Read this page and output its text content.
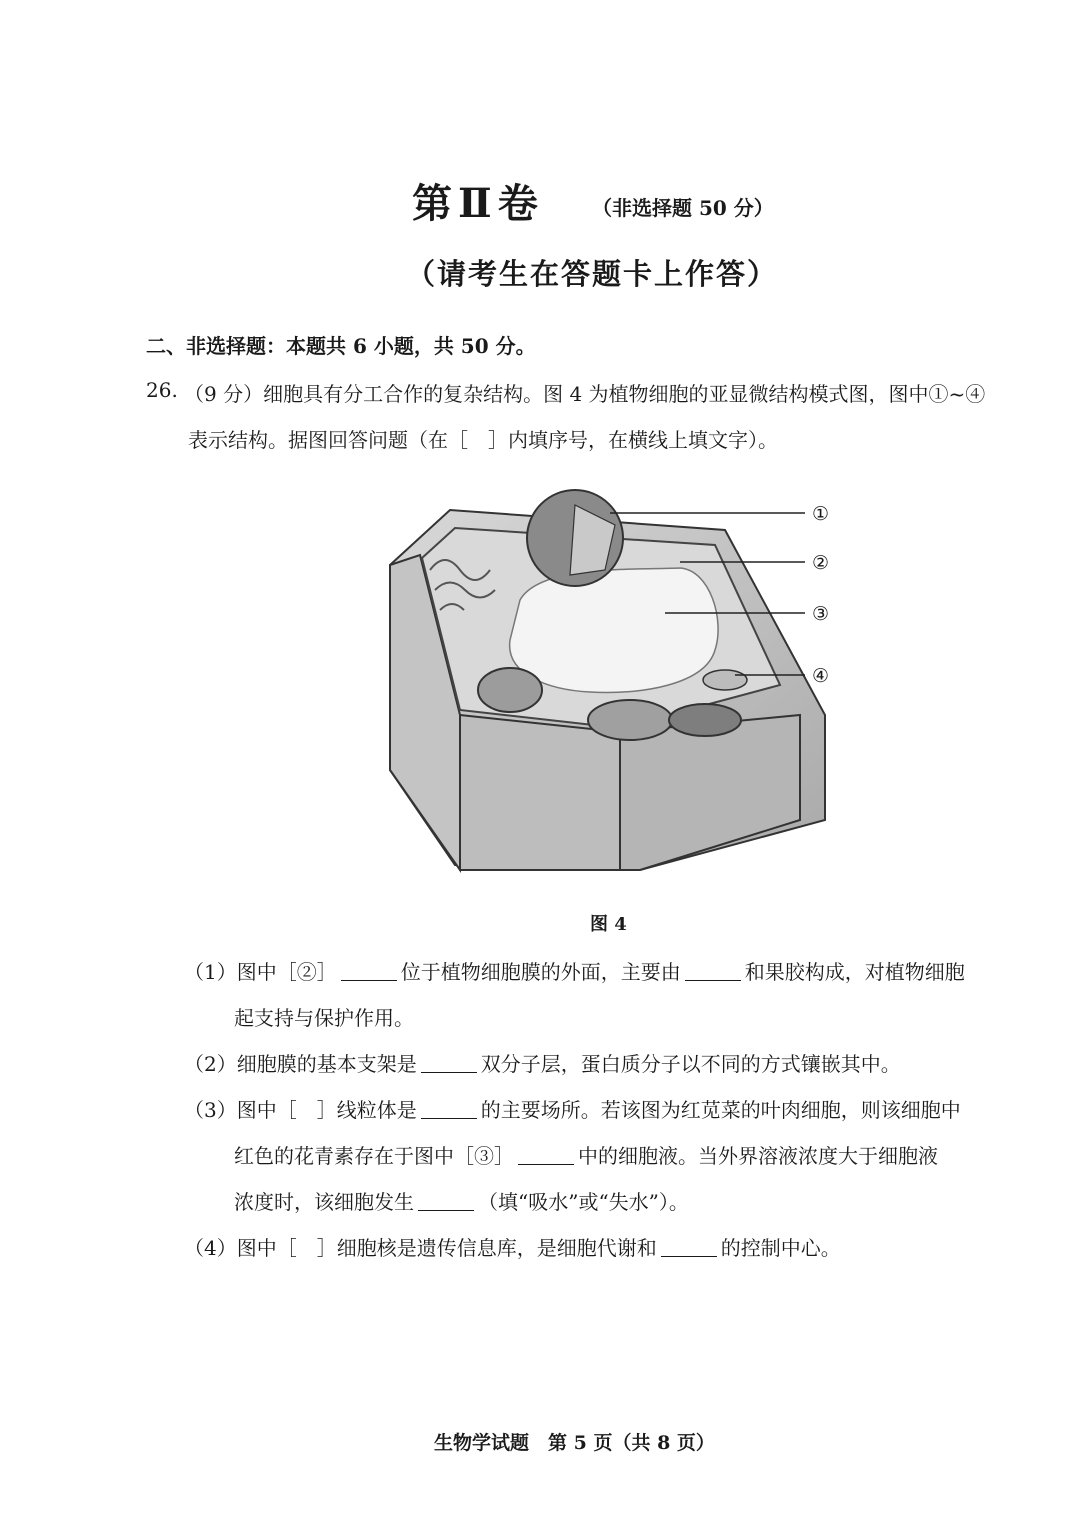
第Ⅱ卷 （非选择题 50 分）
（请考生在答题卡上作答）
二、非选择题：本题共 6 小题，共 50 分。
26. （9 分）细胞具有分工合作的复杂结构。图 4 为植物细胞的亚显微结构模式图，图中①~④
表示结构。据图回答问题（在［　］内填序号，在横线上填文字）。
①
②
③
④
图 4
（1）图中［②］	位于植物细胞膜的外面，主要由	和果胶构成，对植物细胞
起支持与保护作用。
（2）细胞膜的基本支架是	双分子层，蛋白质分子以不同的方式镶嵌其中。
（3）图中［　］线粒体是	的主要场所。若该图为红苋菜的叶肉细胞，则该细胞中
红色的花青素存在于图中［③］	中的细胞液。当外界溶液浓度大于细胞液
浓度时，该细胞发生	（填“吸水”或“失水”）。
（4）图中［　］细胞核是遗传信息库，是细胞代谢和	的控制中心。
生物学试题　第 5 页（共 8 页）
